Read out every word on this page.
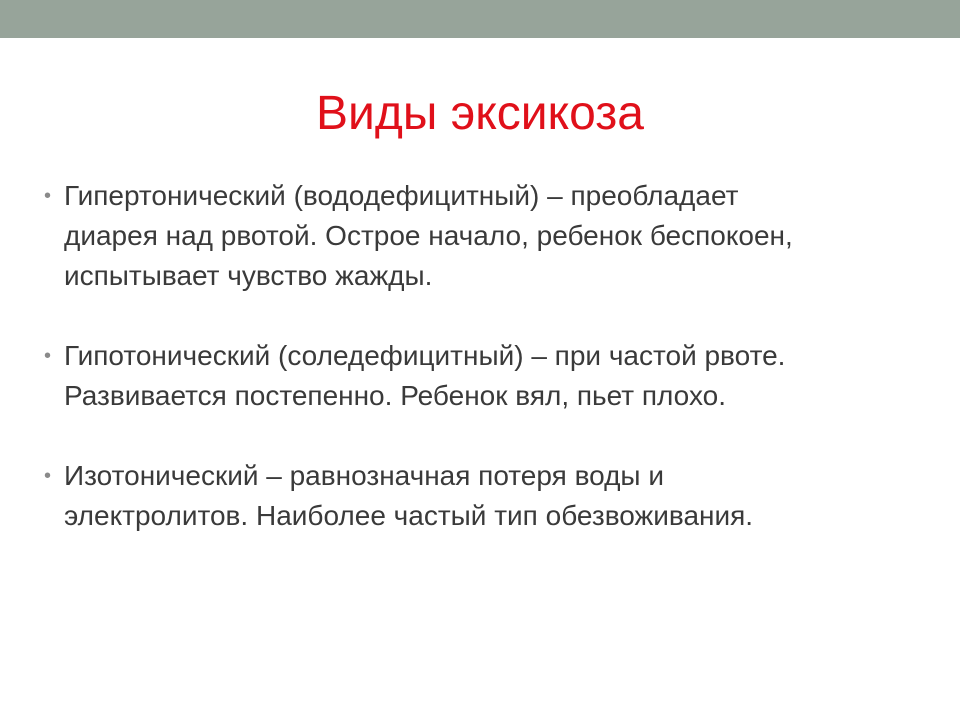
Виды эксикоза
• Гипертонический (вододефицитный) – преобладает
диарея над рвотой. Острое начало, ребенок беспокоен,
испытывает чувство жажды.
• Гипотонический (соледефицитный) – при частой рвоте.
Развивается постепенно. Ребенок вял, пьет плохо.
• Изотонический – равнозначная потеря воды и
электролитов. Наиболее частый тип обезвоживания.
